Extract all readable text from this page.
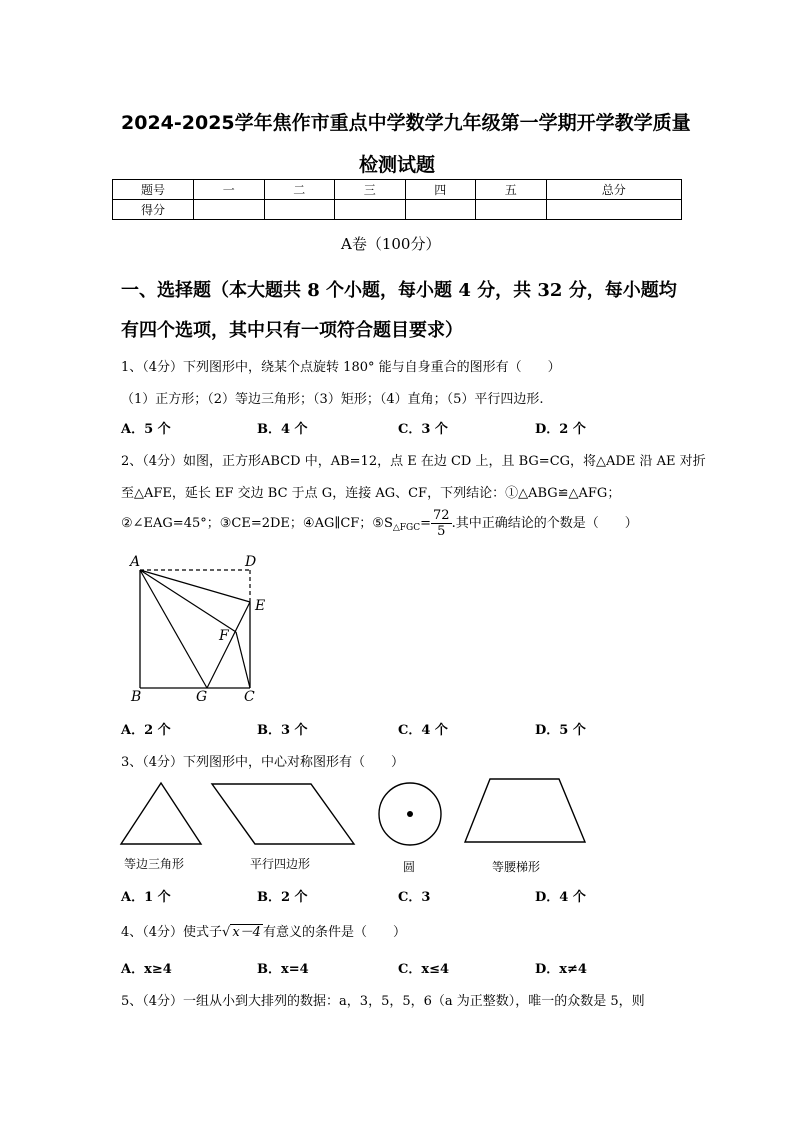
2024-2025学年焦作市重点中学数学九年级第一学期开学教学质量
检测试题
题号	一	二	三	四	五	总分
得分						
A卷（100分）
一、选择题（本大题共 8 个小题，每小题 4 分，共 32 分，每小题均
有四个选项，其中只有一项符合题目要求）
1、（4分）下列图形中，绕某个点旋转 180° 能与自身重合的图形有（　　）
（1）正方形；（2）等边三角形；（3）矩形；（4）直角；（5）平行四边形.
A．5 个	B．4 个	C．3 个	D．2 个
2、（4分）如图，正方形ABCD 中，AB=12，点 E 在边 CD 上，且 BG=CG，将△ADE 沿 AE 对折
至△AFE，延长 EF 交边 BC 于点 G，连接 AG、CF，下列结论：①△ABG≌△AFG；
②∠EAG=45°；③CE=2DE；④AG∥CF；$⑤S_{\triangle FGC}= \frac{72}{5}$ .其中正确结论的个数是（　　）
A	D
E
F
B	G	C
A．2 个	B．3 个	C．4 个	D．5 个
3、（4分）下列图形中，中心对称图形有（　　）
等边三角形	平行四边形	圆	等腰梯形
A．1 个	B．2 个	C．3	D．4 个
4、（4分）使式子√ x－4 有意义的条件是（　　）
A．x≥4	B．x=4	C．x≤4	D．x≠4
5、（4分）一组从小到大排列的数据：a，3，5，5，6（a 为正整数），唯一的众数是 5，则
